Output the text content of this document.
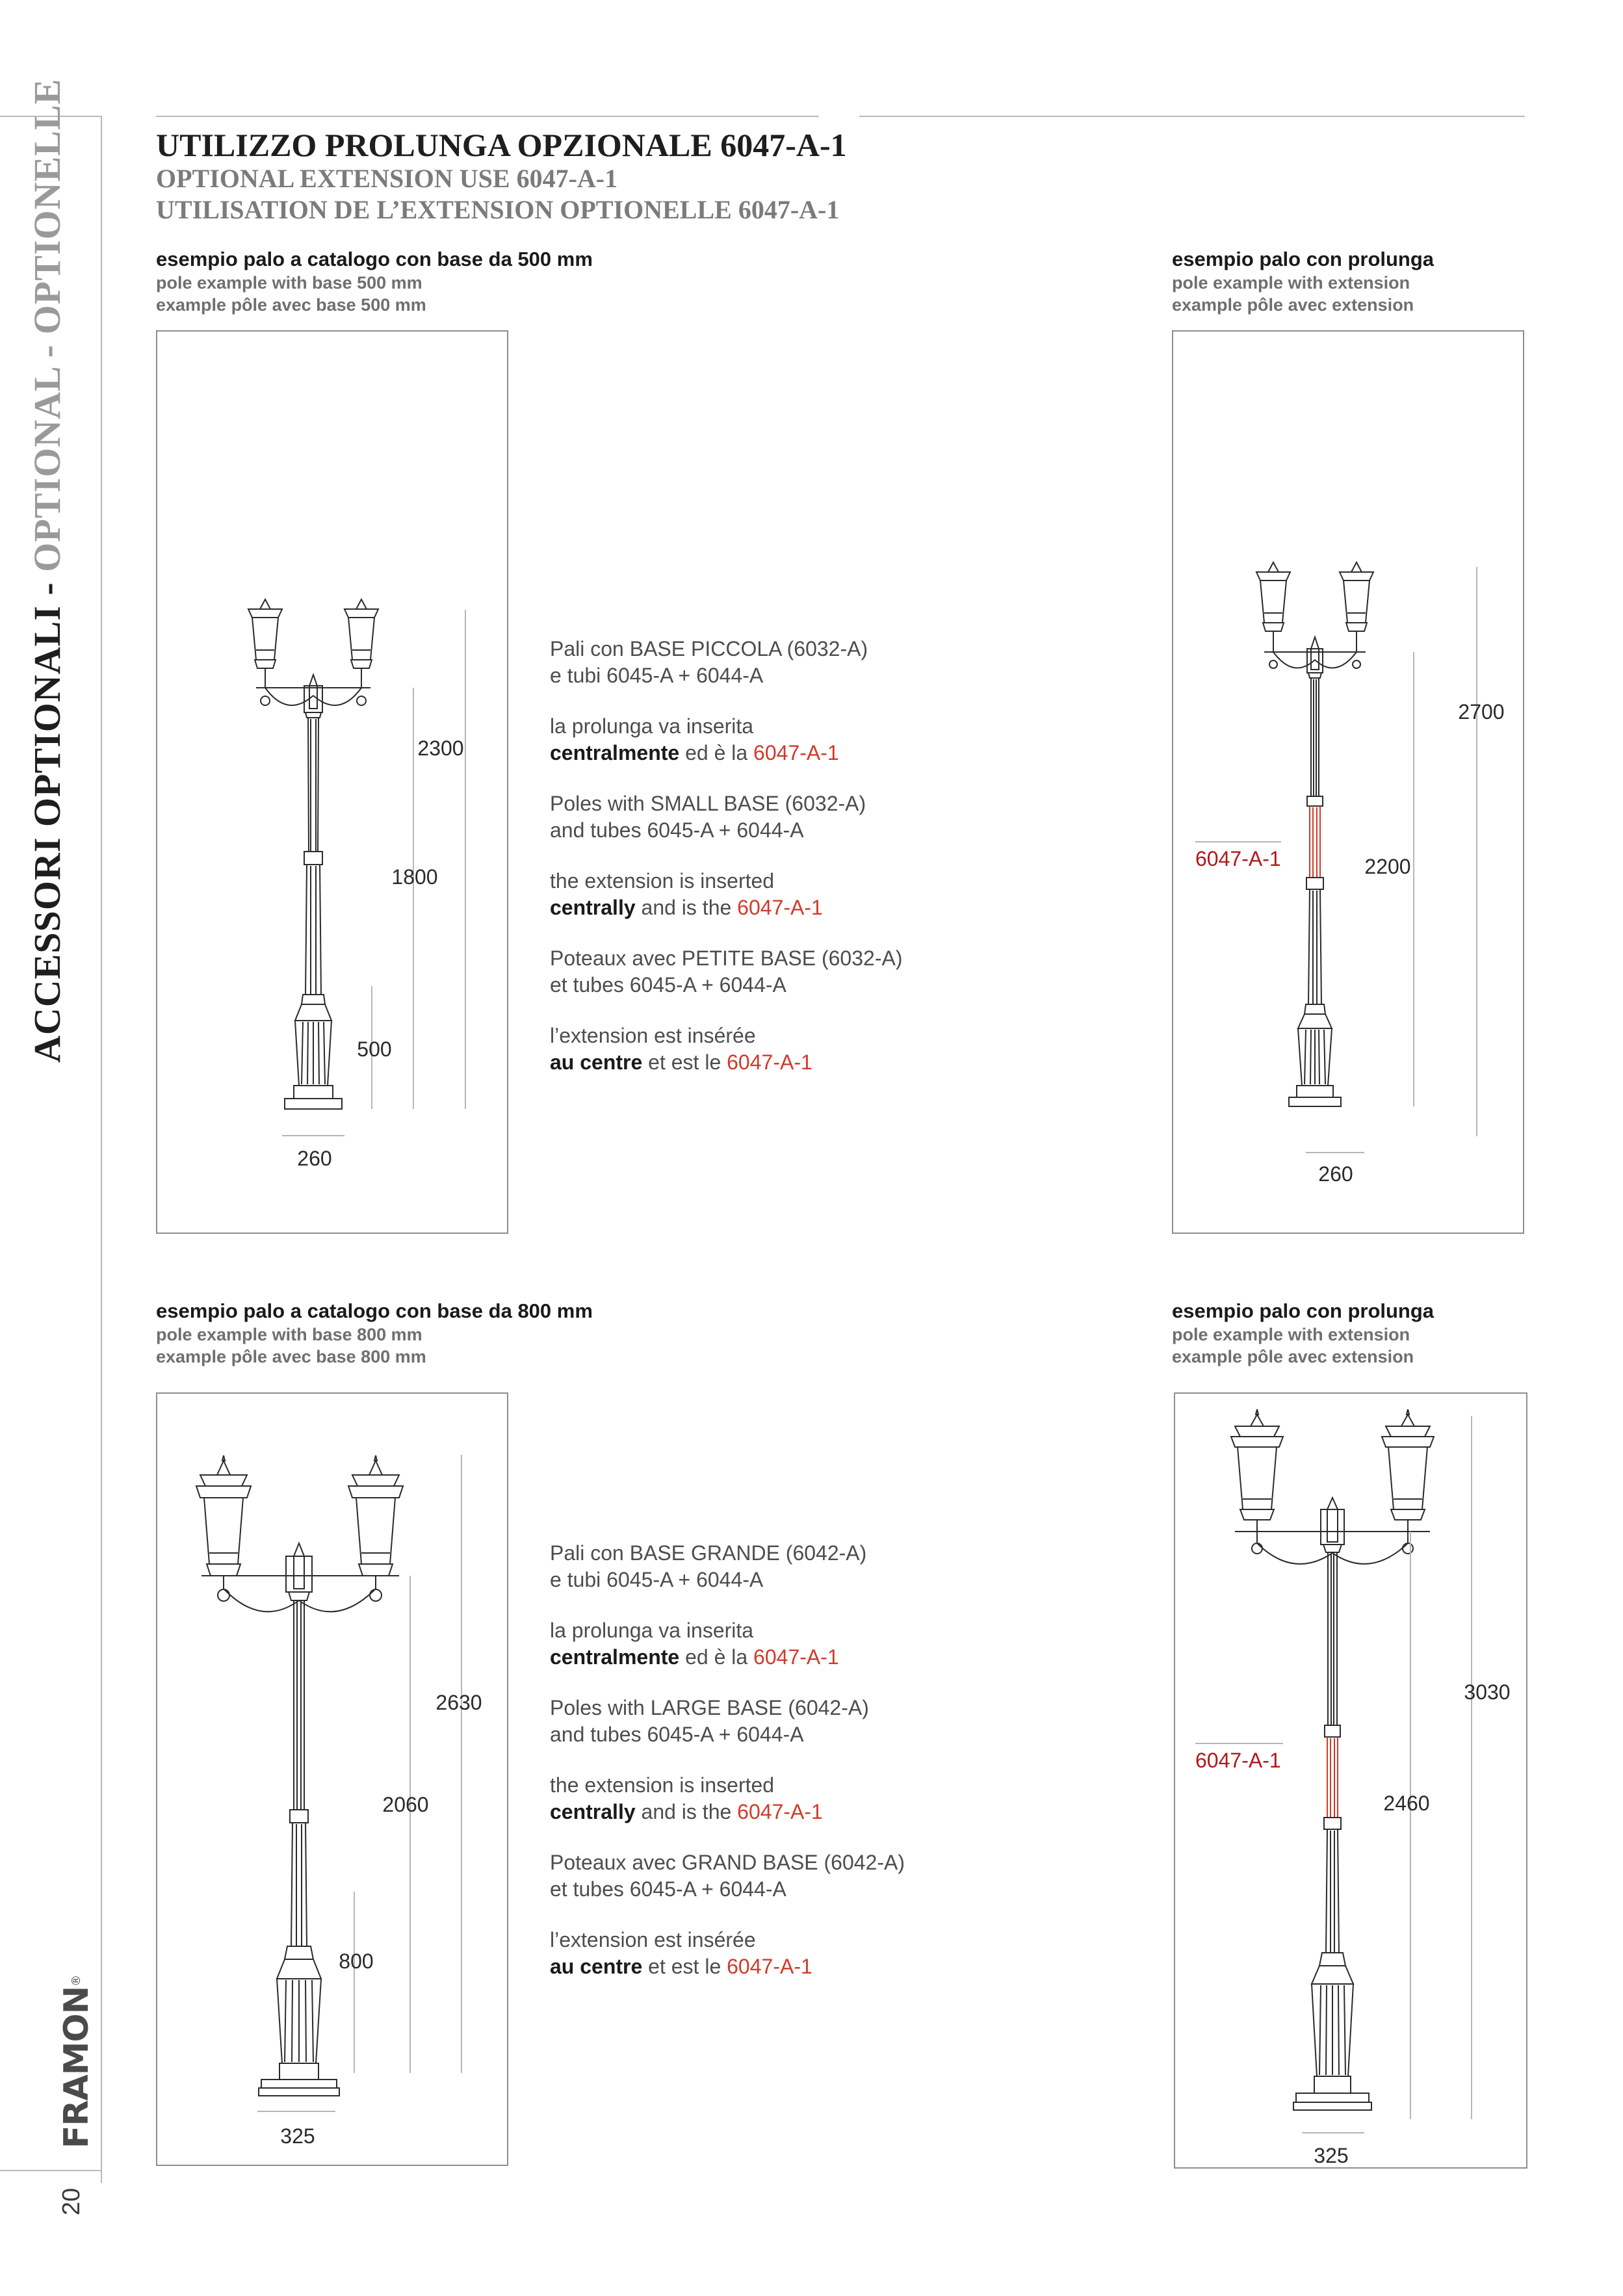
ACCESSORI OPTIONALI - OPTIONAL - OPTIONELLE
FRAMON®
20
UTILIZZO PROLUNGA OPZIONALE 6047-A-1
OPTIONAL EXTENSION USE 6047-A-1
UTILISATION DE L’EXTENSION OPTIONELLE 6047-A-1
esempio palo a catalogo con base da 500 mm
pole example with base 500 mm
example pôle avec base 500 mm
esempio palo con prolunga
pole example with extension
example pôle avec extension
2300
1800
500
260

Pali con BASE PICCOLA (6032-A)
e tubi 6045-A + 6044-A

la prolunga va inserita
centralmente ed è la 6047-A-1

Poles with SMALL BASE (6032-A)
and tubes 6045-A + 6044-A

the extension is inserted
centrally and is the 6047-A-1

Poteaux avec PETITE BASE (6032-A)
et tubes 6045-A + 6044-A

l’extension est insérée
au centre et est le 6047-A-1

2700
2200
6047-A-1
260
esempio palo a catalogo con base da 800 mm
pole example with base 800 mm
example pôle avec base 800 mm
esempio palo con prolunga
pole example with extension
example pôle avec extension
2630
2060
800
325

Pali con BASE GRANDE (6042-A)
e tubi 6045-A + 6044-A

la prolunga va inserita
centralmente ed è la 6047-A-1

Poles with LARGE BASE (6042-A)
and tubes 6045-A + 6044-A

the extension is inserted
centrally and is the 6047-A-1

Poteaux avec GRAND BASE (6042-A)
et tubes 6045-A + 6044-A

l’extension est insérée
au centre et est le 6047-A-1

3030
2460
6047-A-1
325
